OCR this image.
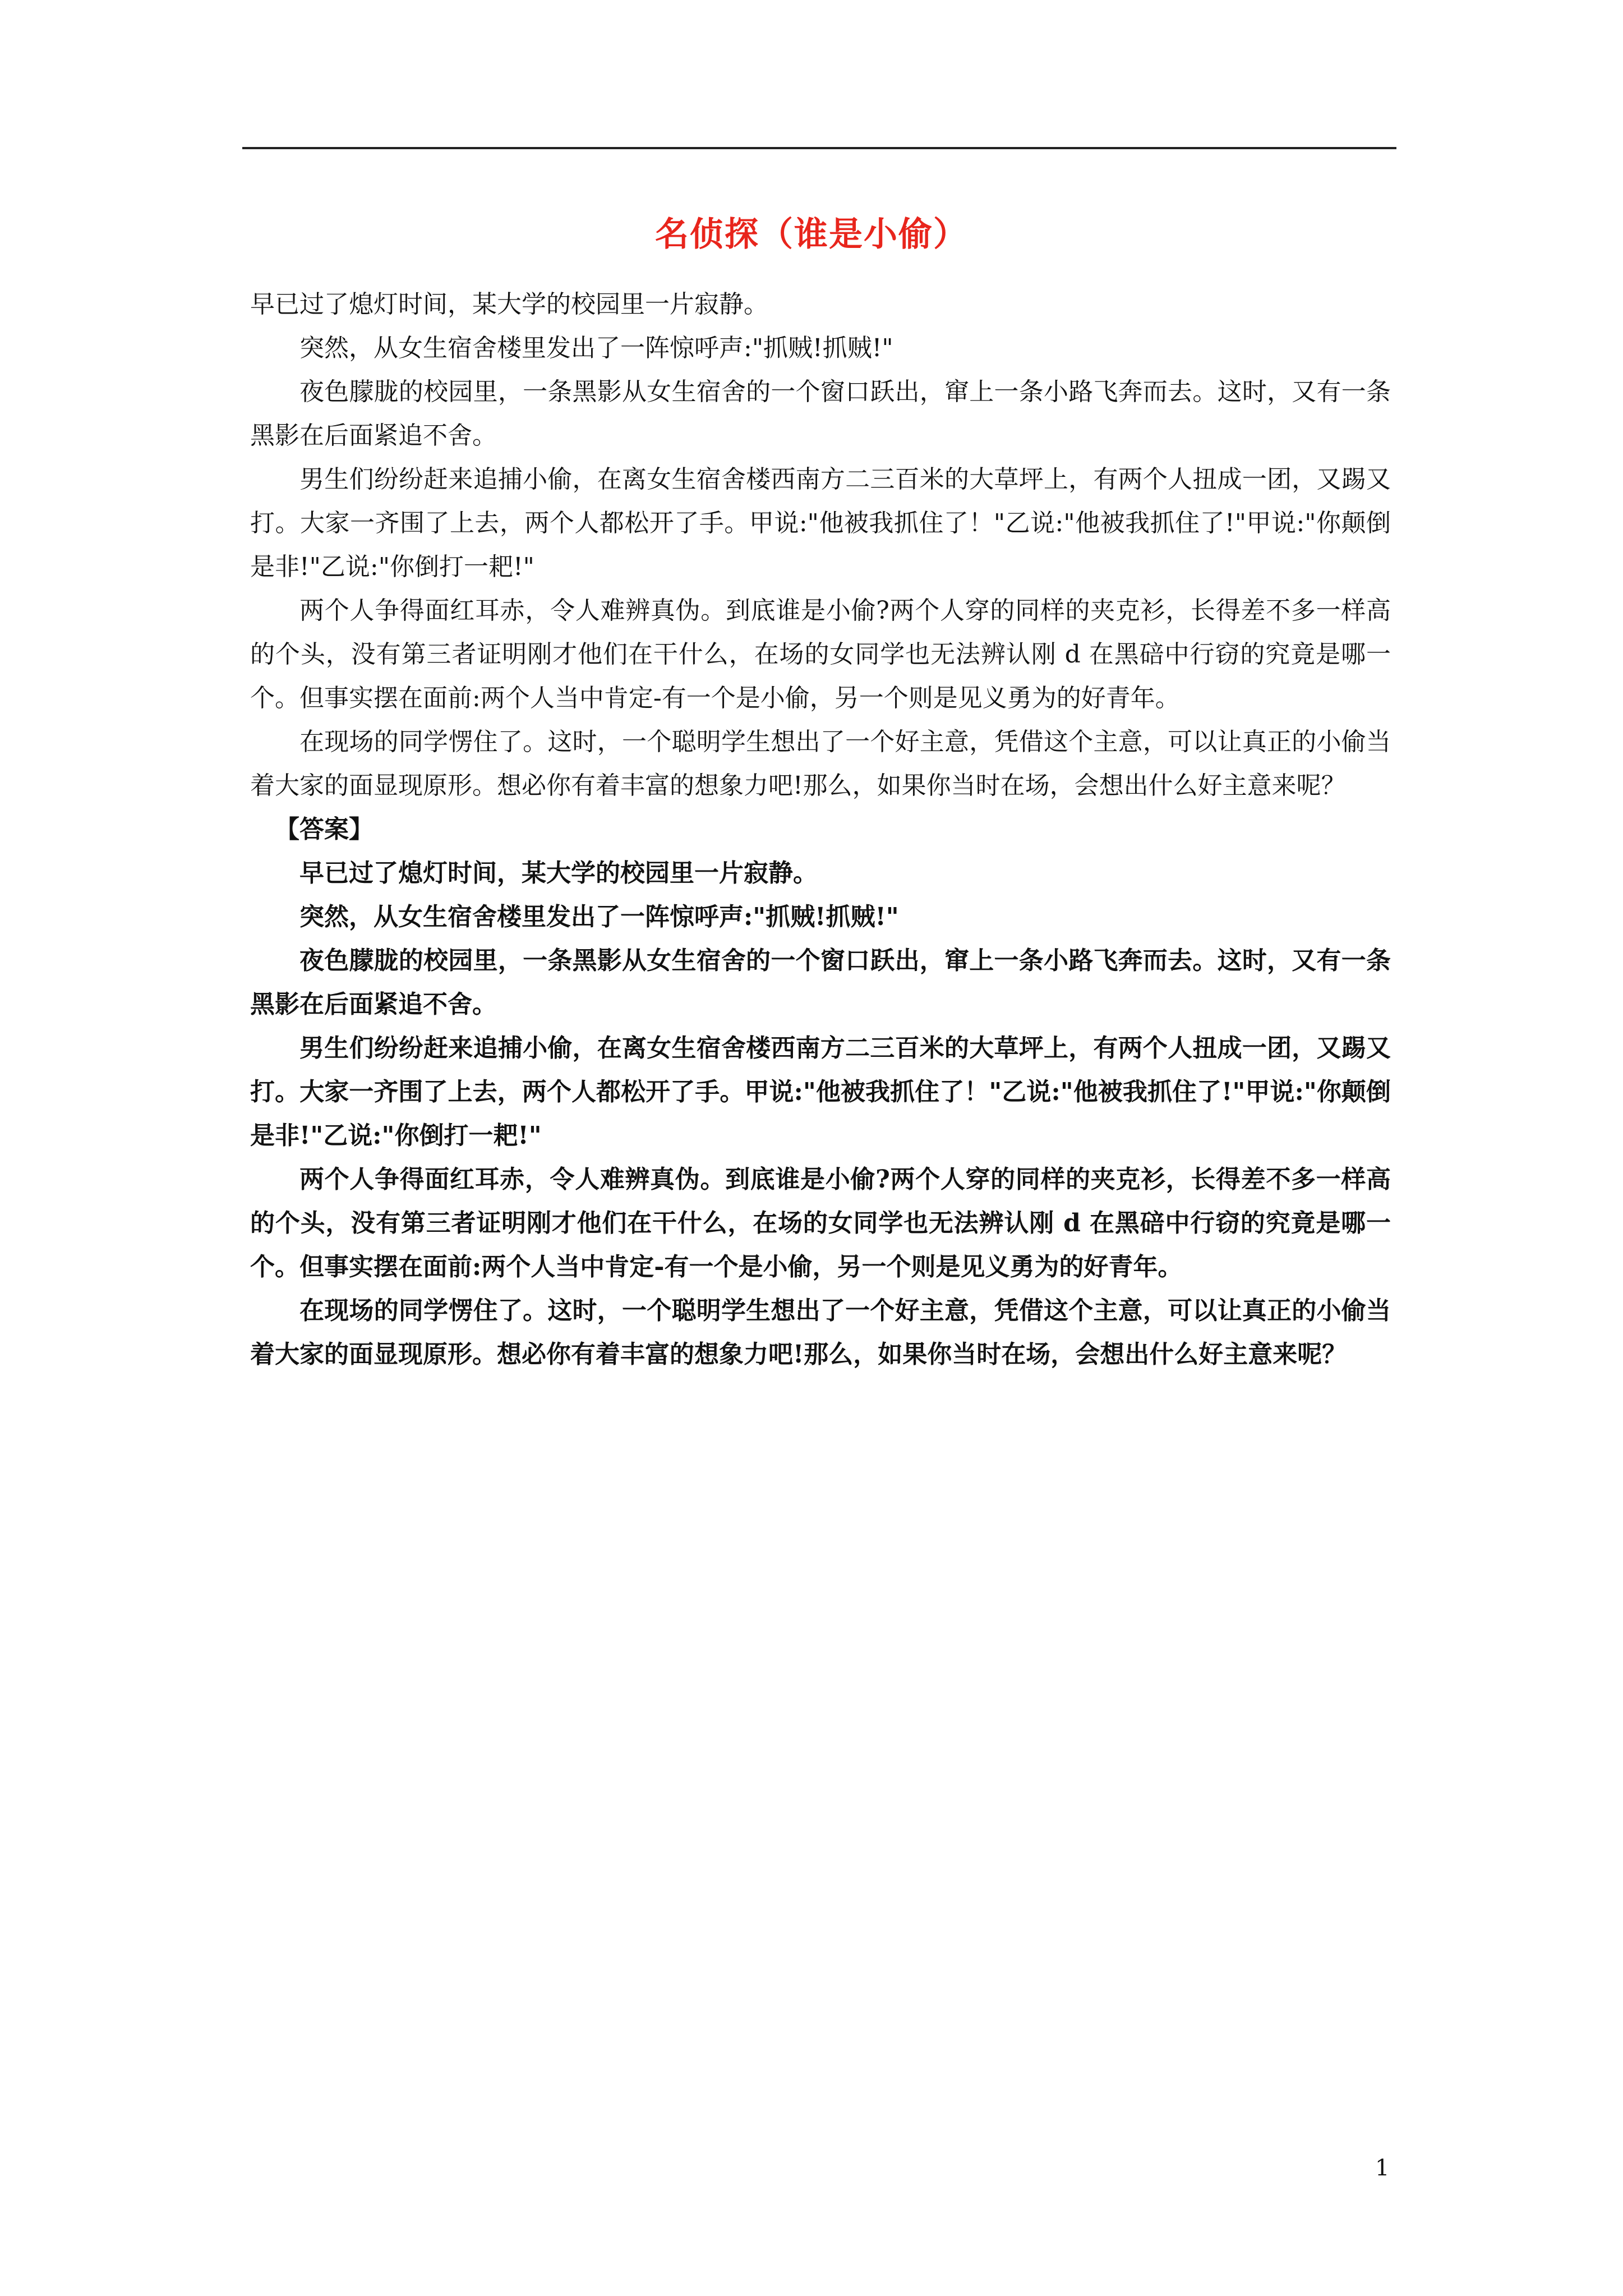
名侦探（谁是小偷）

早已过了熄灯时间，某大学的校园里一片寂静。

突然，从女生宿舍楼里发出了一阵惊呼声:"抓贼!抓贼!"

夜色朦胧的校园里，一条黑影从女生宿舍的一个窗口跃出，窜上一条小路飞奔而去。这时，又有一条黑影在后面紧追不舍。

男生们纷纷赶来追捕小偷，在离女生宿舍楼西南方二三百米的大草坪上，有两个人扭成一团，又踢又打。大家一齐围了上去，两个人都松开了手。甲说:"他被我抓住了！"乙说:"他被我抓住了!"甲说:"你颠倒是非!"乙说:"你倒打一耙!"

两个人争得面红耳赤，令人难辨真伪。到底谁是小偷?两个人穿的同样的夹克衫，长得差不多一样高的个头，没有第三者证明刚才他们在干什么，在场的女同学也无法辨认刚 d 在黑碚中行窃的究竟是哪一个。但事实摆在面前:两个人当中肯定-有一个是小偷，另一个则是见义勇为的好青年。

在现场的同学愣住了。这时，一个聪明学生想出了一个好主意，凭借这个主意，可以让真正的小偷当着大家的面显现原形。想必你有着丰富的想象力吧!那么，如果你当时在场，会想出什么好主意来呢？

【答案】

早已过了熄灯时间，某大学的校园里一片寂静。

突然，从女生宿舍楼里发出了一阵惊呼声:"抓贼!抓贼!"

夜色朦胧的校园里，一条黑影从女生宿舍的一个窗口跃出，窜上一条小路飞奔而去。这时，又有一条黑影在后面紧追不舍。

男生们纷纷赶来追捕小偷，在离女生宿舍楼西南方二三百米的大草坪上，有两个人扭成一团，又踢又打。大家一齐围了上去，两个人都松开了手。甲说:"他被我抓住了！"乙说:"他被我抓住了!"甲说:"你颠倒是非!"乙说:"你倒打一耙!"

两个人争得面红耳赤，令人难辨真伪。到底谁是小偷?两个人穿的同样的夹克衫，长得差不多一样高的个头，没有第三者证明刚才他们在干什么，在场的女同学也无法辨认刚 d 在黑碚中行窃的究竟是哪一个。但事实摆在面前:两个人当中肯定-有一个是小偷，另一个则是见义勇为的好青年。

在现场的同学愣住了。这时，一个聪明学生想出了一个好主意，凭借这个主意，可以让真正的小偷当着大家的面显现原形。想必你有着丰富的想象力吧!那么，如果你当时在场，会想出什么好主意来呢？

1
